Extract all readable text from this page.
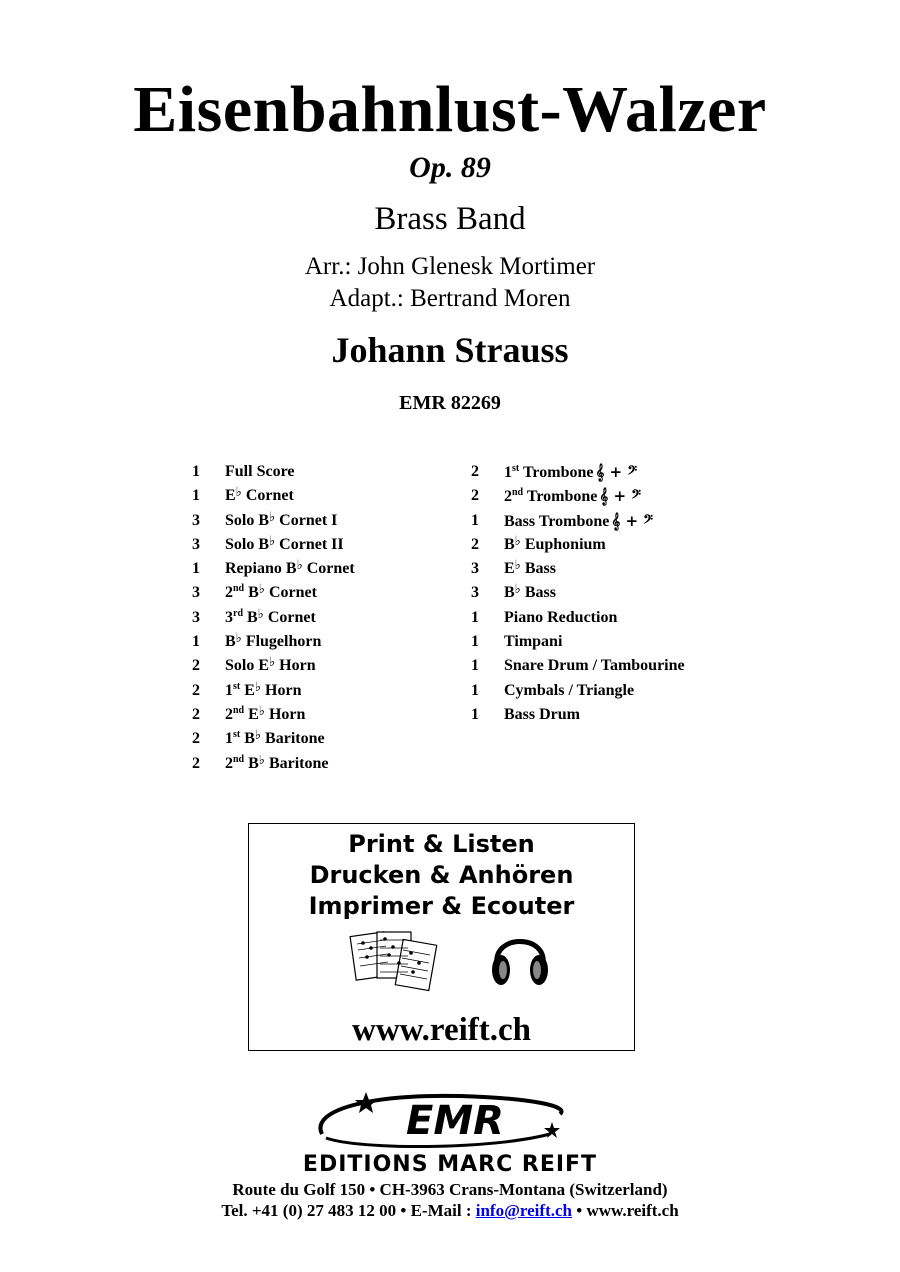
Eisenbahnlust-Walzer
Op. 89
Brass Band
Arr.: John Glenesk Mortimer
Adapt.: Bertrand Moren
Johann Strauss
EMR 82269
1 Full Score
1 E♭ Cornet
3 Solo B♭ Cornet I
3 Solo B♭ Cornet II
1 Repiano B♭ Cornet
3 2nd B♭ Cornet
3 3rd B♭ Cornet
1 B♭ Flugelhorn
2 Solo E♭ Horn
2 1st E♭ Horn
2 2nd E♭ Horn
2 1st B♭ Baritone
2 2nd B♭ Baritone
2 1st Trombone 𝄞 + 𝄢
2 2nd Trombone 𝄞 + 𝄢
1 Bass Trombone 𝄞 + 𝄢
2 B♭ Euphonium
3 E♭ Bass
3 B♭ Bass
1 Piano Reduction
1 Timpani
1 Snare Drum / Tambourine
1 Cymbals / Triangle
1 Bass Drum
Print & Listen
Drucken & Anhören
Imprimer & Ecouter
www.reift.ch
EMR
EDITIONS MARC REIFT
Route du Golf 150 • CH-3963 Crans-Montana (Switzerland)
Tel. +41 (0) 27 483 12 00 • E-Mail : info@reift.ch • www.reift.ch
